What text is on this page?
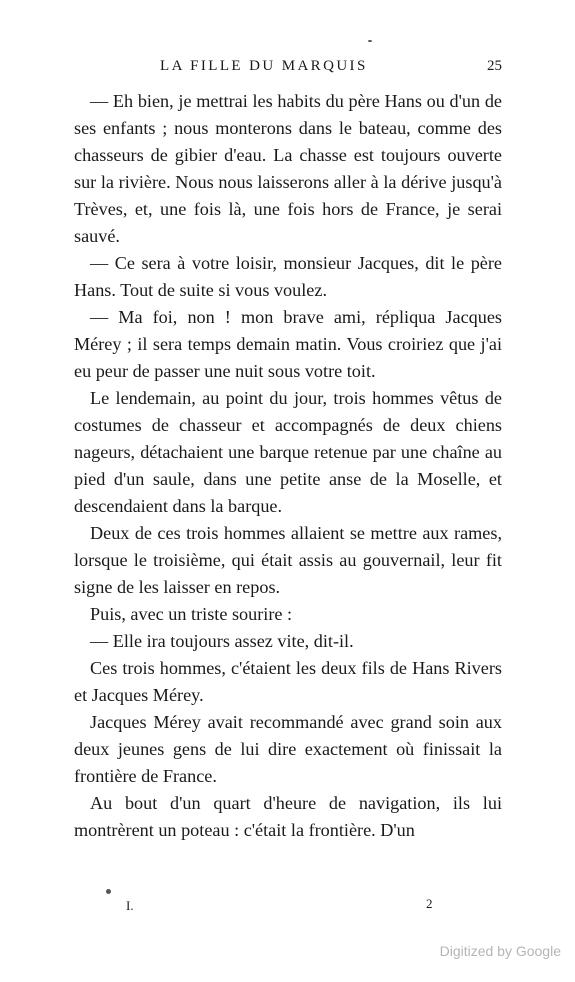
LA FILLE DU MARQUIS	25

— Eh bien, je mettrai les habits du père Hans ou d'un de ses enfants ; nous monterons dans le bateau, comme des chasseurs de gibier d'eau. La chasse est toujours ouverte sur la rivière. Nous nous laisserons aller à la dérive jusqu'à Trèves, et, une fois là, une fois hors de France, je serai sauvé.

— Ce sera à votre loisir, monsieur Jacques, dit le père Hans. Tout de suite si vous voulez.

— Ma foi, non ! mon brave ami, répliqua Jacques Mérey ; il sera temps demain matin. Vous croiriez que j'ai eu peur de passer une nuit sous votre toit.

Le lendemain, au point du jour, trois hommes vêtus de costumes de chasseur et accompagnés de deux chiens nageurs, détachaient une barque retenue par une chaîne au pied d'un saule, dans une petite anse de la Moselle, et descendaient dans la barque.

Deux de ces trois hommes allaient se mettre aux rames, lorsque le troisième, qui était assis au gouvernail, leur fit signe de les laisser en repos.

Puis, avec un triste sourire :

— Elle ira toujours assez vite, dit-il.

Ces trois hommes, c'étaient les deux fils de Hans Rivers et Jacques Mérey.

Jacques Mérey avait recommandé avec grand soin aux deux jeunes gens de lui dire exactement où finissait la frontière de France.

Au bout d'un quart d'heure de navigation, ils lui montrèrent un poteau : c'était la frontière. D'un

I.	2
Digitized by Google
